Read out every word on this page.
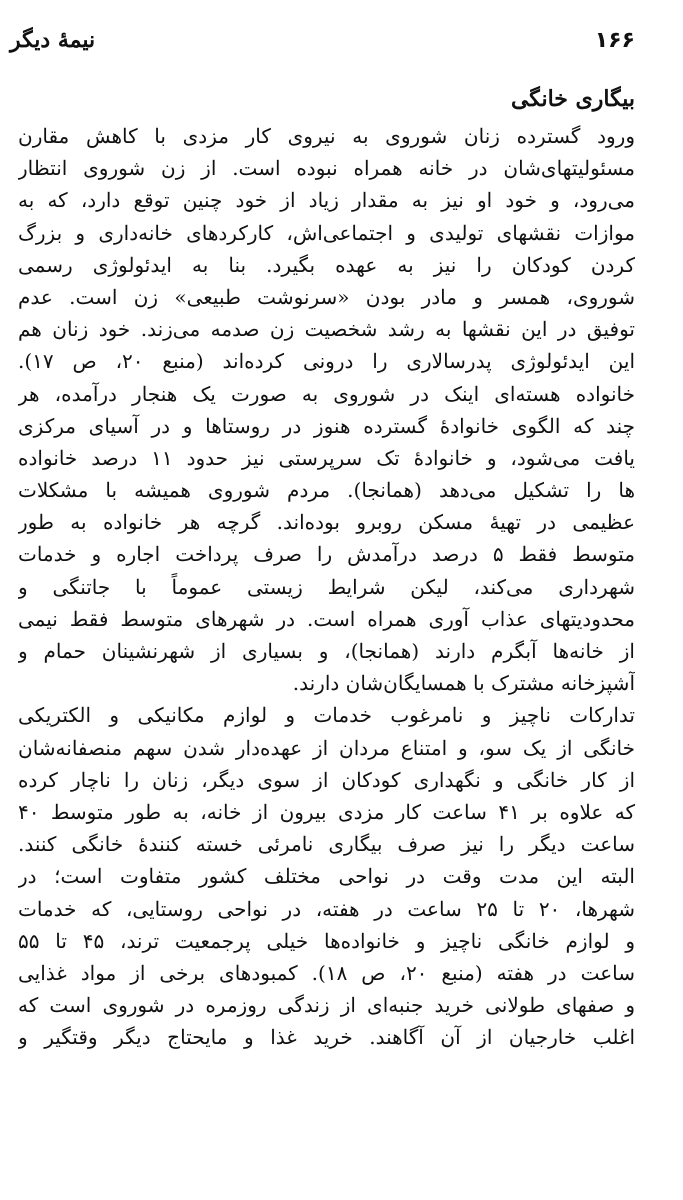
۱۶۶
نیمهٔ دیگر
بیگاری خانگی
ورود گسترده زنان شوروی به نیروی کار مزدی با کاهش مقارن
مسئولیتهای‌شان در خانه همراه نبوده است. از زن شوروی انتظار
می‌رود، و خود او نیز به مقدار زیاد از خود چنین توقع دارد، که به
موازات نقشهای تولیدی و اجتماعی‌اش، کارکردهای خانه‌داری و بزرگ
کردن کودکان را نیز به عهده بگیرد. بنا به ایدئولوژی رسمی
شوروی، همسر و مادر بودن «سرنوشت طبیعی» زن است. عدم
توفیق در این نقشها به رشد شخصیت زن صدمه می‌زند. خود زنان هم
این ایدئولوژی پدرسالاری را درونی کرده‌اند (منبع ۲۰، ص ۱۷).
خانواده هسته‌ای اینک در شوروی به صورت یک هنجار درآمده، هر
چند که الگوی خانوادهٔ گسترده هنوز در روستاها و در آسیای مرکزی
یافت می‌شود، و خانوادهٔ تک سرپرستی نیز حدود ۱۱ درصد خانواده
ها را تشکیل می‌دهد (همانجا). مردم شوروی همیشه با مشکلات
عظیمی در تهیهٔ مسکن روبرو بوده‌اند. گرچه هر خانواده به طور
متوسط فقط ۵ درصد درآمدش را صرف پرداخت اجاره و خدمات
شهرداری می‌کند، لیکن شرایط زیستی عموماً با جاتنگی و
محدودیتهای عذاب آوری همراه است. در شهرهای متوسط فقط نیمی
از خانه‌ها آبگرم دارند (همانجا)، و بسیاری از شهرنشینان حمام و
آشپزخانه مشترک با همسایگان‌شان دارند.
تدارکات ناچیز و نامرغوب خدمات و لوازم مکانیکی و الکتریکی
خانگی از یک سو، و امتناع مردان از عهده‌دار شدن سهم منصفانه‌شان
از کار خانگی و نگهداری کودکان از سوی دیگر، زنان را ناچار کرده
که علاوه بر ۴۱ ساعت کار مزدی بیرون از خانه، به طور متوسط ۴۰
ساعت دیگر را نیز صرف بیگاری نامرئی خسته کنندهٔ خانگی کنند.
البته این مدت وقت در نواحی مختلف کشور متفاوت است؛ در
شهرها، ۲۰ تا ۲۵ ساعت در هفته، در نواحی روستایی، که خدمات
و لوازم خانگی ناچیز و خانواده‌ها خیلی پرجمعیت ترند، ۴۵ تا ۵۵
ساعت در هفته (منبع ۲۰، ص ۱۸). کمبودهای برخی از مواد غذایی
و صفهای طولانی خرید جنبه‌ای از زندگی روزمره در شوروی است که
اغلب خارجیان از آن آگاهند. خرید غذا و مایحتاج دیگر وقتگیر و
